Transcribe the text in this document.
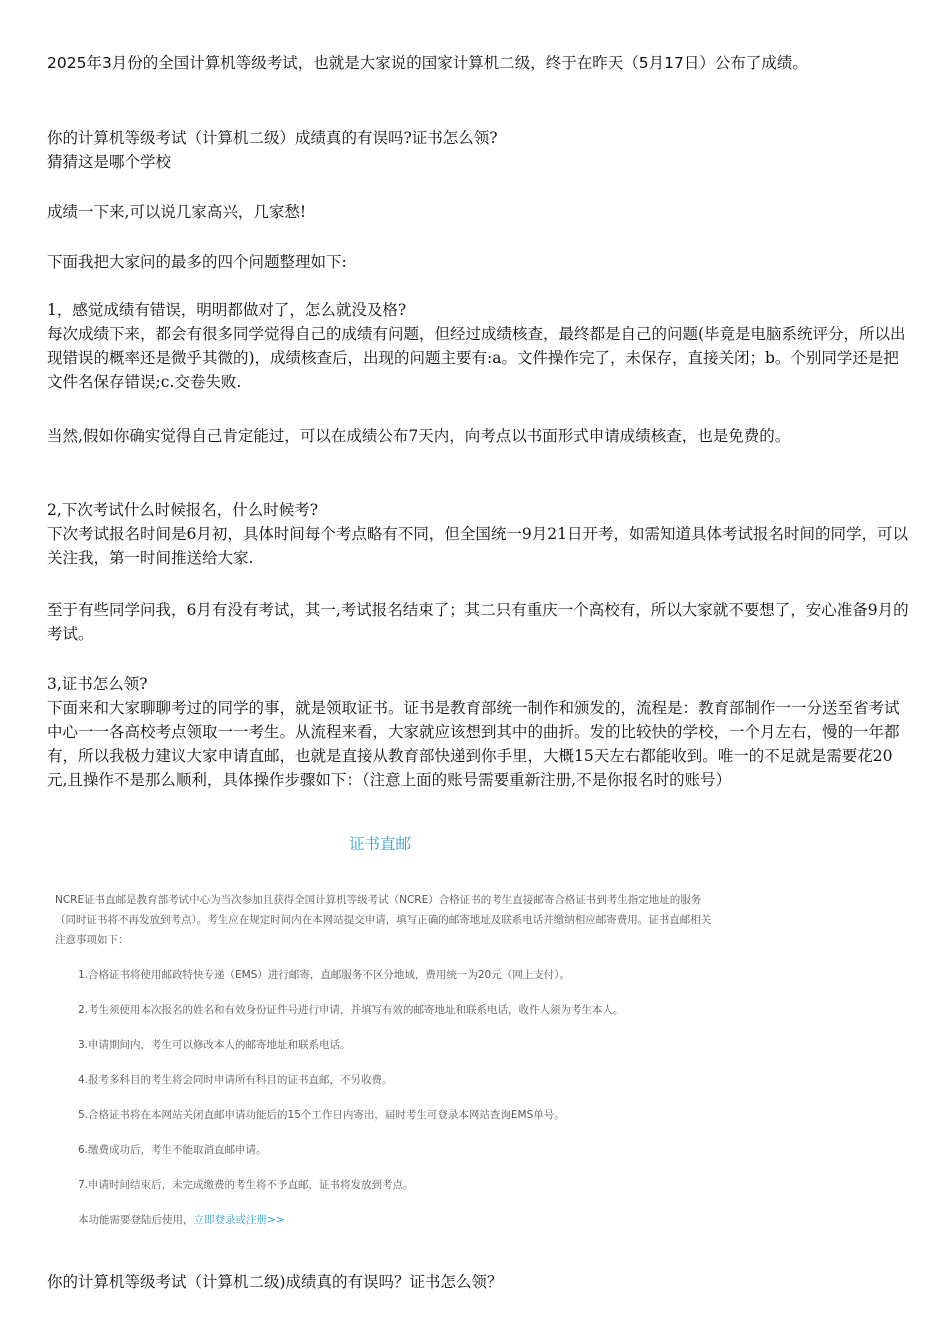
2025年3月份的全国计算机等级考试，也就是大家说的国家计算机二级，终于在昨天（5月17日）公布了成绩。

你的计算机等级考试（计算机二级）成绩真的有误吗?证书怎么领?

猜猜这是哪个学校

成绩一下来,可以说几家高兴，几家愁!

下面我把大家问的最多的四个问题整理如下:

1，感觉成绩有错误，明明都做对了，怎么就没及格?

每次成绩下来，都会有很多同学觉得自己的成绩有问题，但经过成绩核查，最终都是自己的问题(毕竟是电脑系统评分，所以出现错误的概率还是微乎其微的)，成绩核查后，出现的问题主要有:a。文件操作完了，未保存，直接关闭；b。个别同学还是把文件名保存错误;c.交卷失败.

当然,假如你确实觉得自己肯定能过，可以在成绩公布7天内，向考点以书面形式申请成绩核查，也是免费的。

2,下次考试什么时候报名，什么时候考?

下次考试报名时间是6月初，具体时间每个考点略有不同，但全国统一9月21日开考，如需知道具体考试报名时间的同学，可以关注我，第一时间推送给大家.

至于有些同学问我，6月有没有考试，其一,考试报名结束了；其二只有重庆一个高校有，所以大家就不要想了，安心准备9月的考试。

3,证书怎么领?

下面来和大家聊聊考过的同学的事，就是领取证书。证书是教育部统一制作和颁发的，流程是：教育部制作一一分送至省考试中心一一各高校考点领取一一考生。从流程来看，大家就应该想到其中的曲折。发的比较快的学校，一个月左右，慢的一年都有，所以我极力建议大家申请直邮，也就是直接从教育部快递到你手里，大概15天左右都能收到。唯一的不足就是需要花20元,且操作不是那么顺利，具体操作步骤如下：（注意上面的账号需要重新注册,不是你报名时的账号）

证书直邮

NCRE证书直邮是教育部考试中心为当次参加且获得全国计算机等级考试（NCRE）合格证书的考生直接邮寄合格证书到考生指定地址的服务（同时证书将不再发放到考点）。考生应在规定时间内在本网站提交申请，填写正确的邮寄地址及联系电话并缴纳相应邮寄费用。证书直邮相关注意事项如下：

1.合格证书将使用邮政特快专递（EMS）进行邮寄，直邮服务不区分地域，费用统一为20元（网上支付）。

2.考生须使用本次报名的姓名和有效身份证件号进行申请，并填写有效的邮寄地址和联系电话，收件人须为考生本人。

3.申请期间内，考生可以修改本人的邮寄地址和联系电话。

4.报考多科目的考生将会同时申请所有科目的证书直邮，不另收费。

5.合格证书将在本网站关闭直邮申请功能后的15个工作日内寄出，届时考生可登录本网站查询EMS单号。

6.缴费成功后，考生不能取消直邮申请。

7.申请时间结束后，未完成缴费的考生将不予直邮，证书将发放到考点。

本功能需要登陆后使用，立即登录或注册>>

你的计算机等级考试（计算机二级)成绩真的有误吗？证书怎么领？
